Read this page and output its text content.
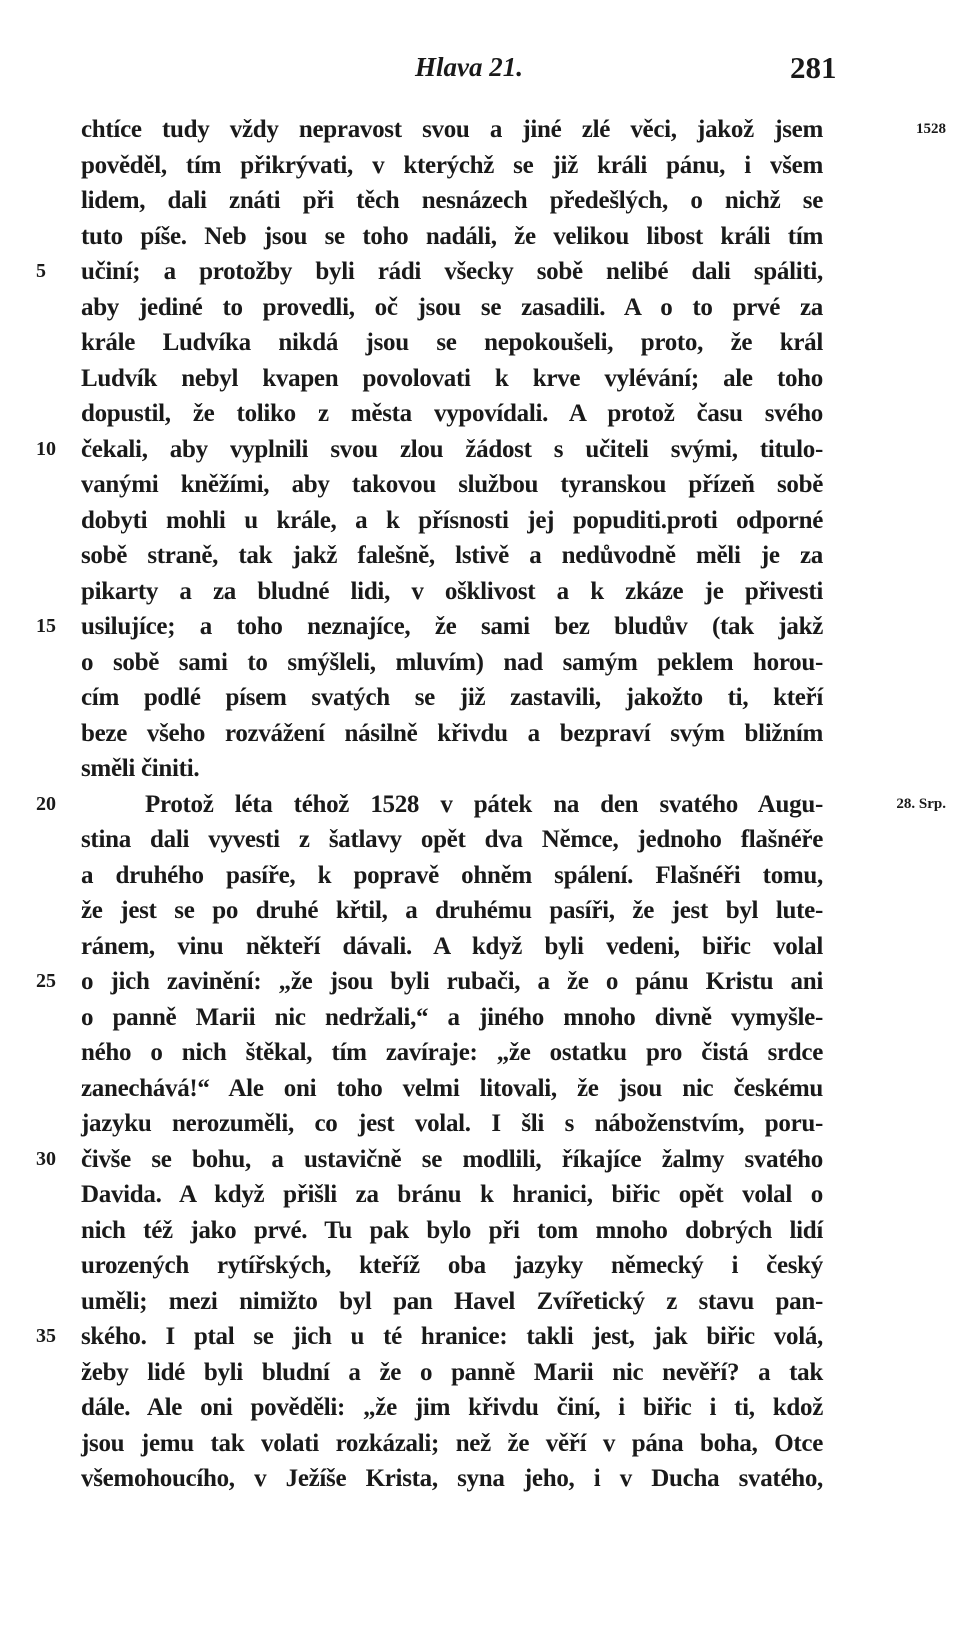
Hlava 21.	281
1528
28. Srp.
5
10
15
20
25
30
35
chtíce tudy vždy nepravost svou a jiné zlé věci, jakož jsem
pověděl, tím přikrývati, v kterýchž se již králi pánu, i všem
lidem, dali znáti při těch nesnázech předešlých, o nichž se
tuto píše. Neb jsou se toho nadáli, že velikou libost králi tím
učiní; a protožby byli rádi všecky sobě nelibé dali spáliti,
aby jediné to provedli, oč jsou se zasadili. A o to prvé za
krále Ludvíka nikdá jsou se nepokoušeli, proto, že král
Ludvík nebyl kvapen povolovati k krve vylévání; ale toho
dopustil, že toliko z města vypovídali. A protož času svého
čekali, aby vyplnili svou zlou žádost s učiteli svými, titulo-
vanými kněžími, aby takovou službou tyranskou přízeň sobě
dobyti mohli u krále, a k přísnosti jej popuditi.proti odporné
sobě straně, tak jakž falešně, lstivě a nedůvodně měli je za
pikarty a za bludné lidi, v ošklivost a k zkáze je přivesti
usilujíce; a toho neznajíce, že sami bez bludův (tak jakž
o sobě sami to smýšleli, mluvím) nad samým peklem horou-
cím podlé písem svatých se již zastavili, jakožto ti, kteří
beze všeho rozvážení násilně křivdu a bezpraví svým bližním
směli činiti.
Protož léta téhož 1528 v pátek na den svatého Augu-
stina dali vyvesti z šatlavy opět dva Němce, jednoho flašnéře
a druhého pasíře, k popravě ohněm spálení. Flašnéři tomu,
že jest se po druhé křtil, a druhému pasíři, že jest byl lute-
ránem, vinu někteří dávali. A když byli vedeni, biřic volal
o jich zavinění: „že jsou byli rubači, a že o pánu Kristu ani
o panně Marii nic nedržali,“ a jiného mnoho divně vymyšle-
ného o nich štěkal, tím zavíraje: „že ostatku pro čistá srdce
zanechává!“ Ale oni toho velmi litovali, že jsou nic českému
jazyku nerozuměli, co jest volal. I šli s náboženstvím, poru-
čivše se bohu, a ustavičně se modlili, říkajíce žalmy svatého
Davida. A když přišli za bránu k hranici, biřic opět volal o
nich též jako prvé. Tu pak bylo při tom mnoho dobrých lidí
urozených rytířských, kteříž oba jazyky německý i český
uměli; mezi nimižto byl pan Havel Zvířetický z stavu pan-
ského. I ptal se jich u té hranice: takli jest, jak biřic volá,
žeby lidé byli bludní a že o panně Marii nic nevěří? a tak
dále. Ale oni pověděli: „že jim křivdu činí, i biřic i ti, kdož
jsou jemu tak volati rozkázali; než že věří v pána boha, Otce
všemohoucího, v Ježíše Krista, syna jeho, i v Ducha svatého,
